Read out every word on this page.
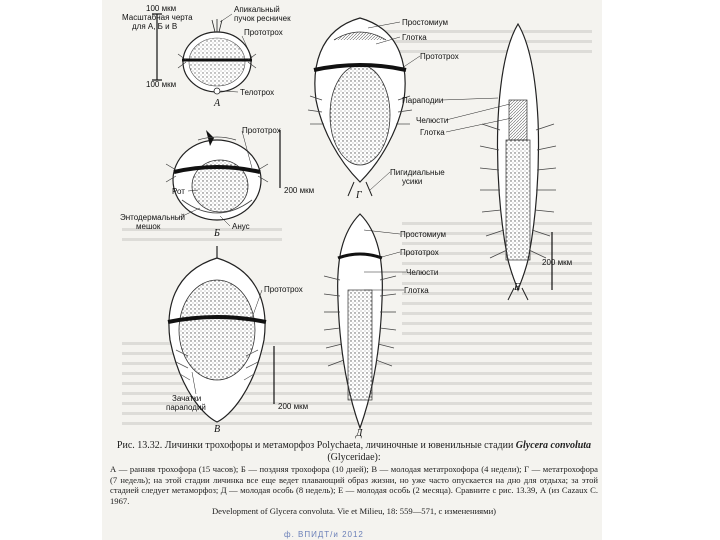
100 мкм
Масштабная черта
для А, Б и В
100 мкм
Апикальный
пучок ресничек
Прототрох
Телотрох
А
Прототрох
Рот
Энтодермальный
мешок	Анус
200 мкм
Б
Прототрох
Зачатки
параподий	200 мкм
В
Простомиум
Глотка
Прототрох
Пигидиальные
усики
Г
Простомиум
Прототрох
Челюсти
Глотка
Д
Параподии
Челюсти
Глотка
200 мкм
Е

Рис. 13.32. Личинки трохофоры и метаморфоз Polychaeta, личиночные и ювенильные стадии Glycera convoluta (Glyceridae):

А — ранняя трохофора (15 часов); Б — поздняя трохофора (10 дней); В — молодая метатрохофора (4 недели); Г — метатрохофора (7 недель); на этой стадии личинка все еще ведет плавающий образ жизни, но уже часто опускается на дно для отдыха; за этой стадией следует метаморфоз; Д — молодая особь (8 недель); Е — молодая особь (2 месяца). Сравните с рис. 13.39, А (из Cazaux C. 1967.

Development of Glycera convoluta. Vie et Milieu, 18: 559—571, с изменениями)

ф. ВПИДТ/и 2012
